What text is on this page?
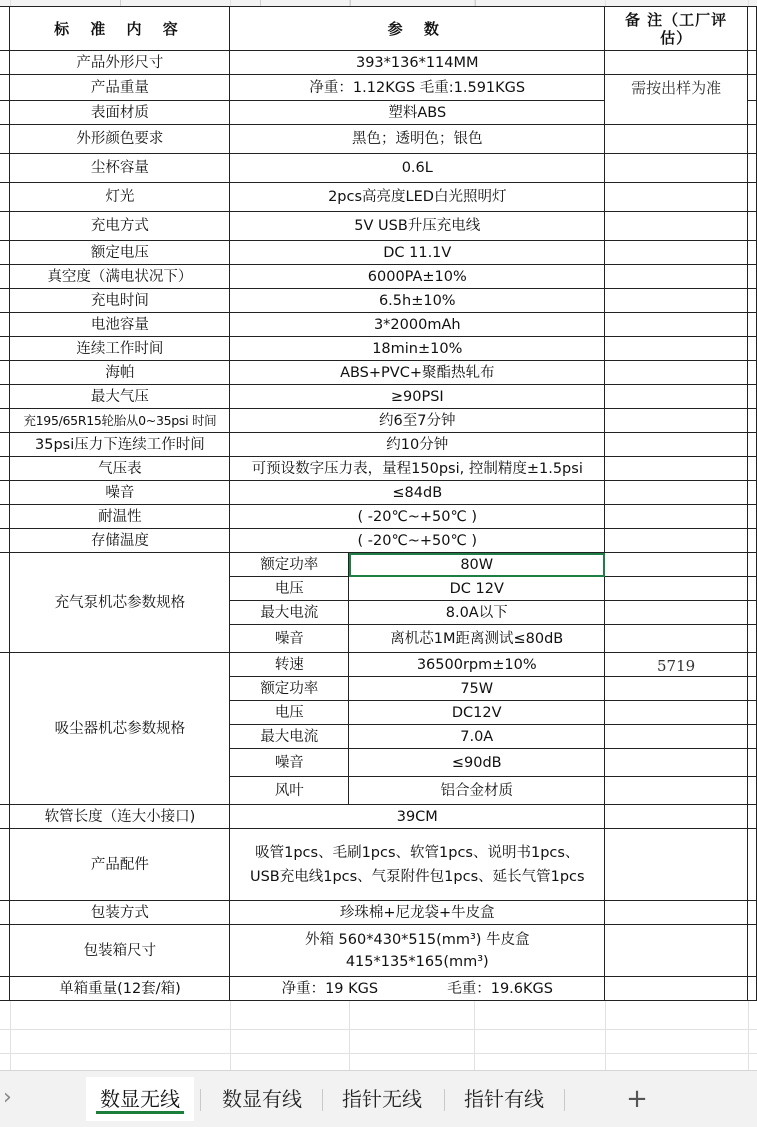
	标 准 内 容	参 数		备 注（工厂评估）	
	产品外形尺寸	393*136*114MM			
	产品重量	净重：1.12KGS 毛重:1.591KGS		需按出样为准	
	表面材质	塑料ABS			
	外形颜色要求	黑色；透明色；银色			
	尘杯容量	0.6L			
	灯光	2pcs高亮度LED白光照明灯			
	充电方式	5V USB升压充电线			
	额定电压	DC 11.1V			
	真空度（满电状况下）	6000PA±10%			
	充电时间	6.5h±10%			
	电池容量	3*2000mAh			
	连续工作时间	18min±10%			
	海帕	ABS+PVC+聚酯热轧布			
	最大气压	≥90PSI			
	充195/65R15轮胎从0~35psi 时间	约6至7分钟			
	35psi压力下连续工作时间	约10分钟			
	气压表	可预设数字压力表，量程150psi, 控制精度±1.5psi			
	噪音	≤84dB			
	耐温性	( -20℃~+50℃ )			
	存储温度	( -20℃~+50℃ )			
	充气泵机芯参数规格	额定功率	80W		
		电压	DC 12V		
		最大电流	8.0A以下		
		噪音	离机芯1M距离测试≤80dB		
	吸尘器机芯参数规格	转速	36500rpm±10%	5719	
		额定功率	75W		
		电压	DC12V		
		最大电流	7.0A		
		噪音	≤90dB		
		风叶	铝合金材质		
	软管长度（连大小接口)	39CM			
	产品配件	吸管1pcs、毛刷1pcs、软管1pcs、说明书1pcs、
USB充电线1pcs、气泵附件包1pcs、延长气管1pcs			

	包装方式	珍珠棉+尼龙袋+牛皮盒			
	包装箱尺寸	外箱 560*430*515(mm³) 牛皮盒
415*135*165(mm³)			

	单箱重量(12套/箱)	净重：19 KGS               毛重：19.6KGS			
›	数显无线	数显有线	指针无线	指针有线	+
